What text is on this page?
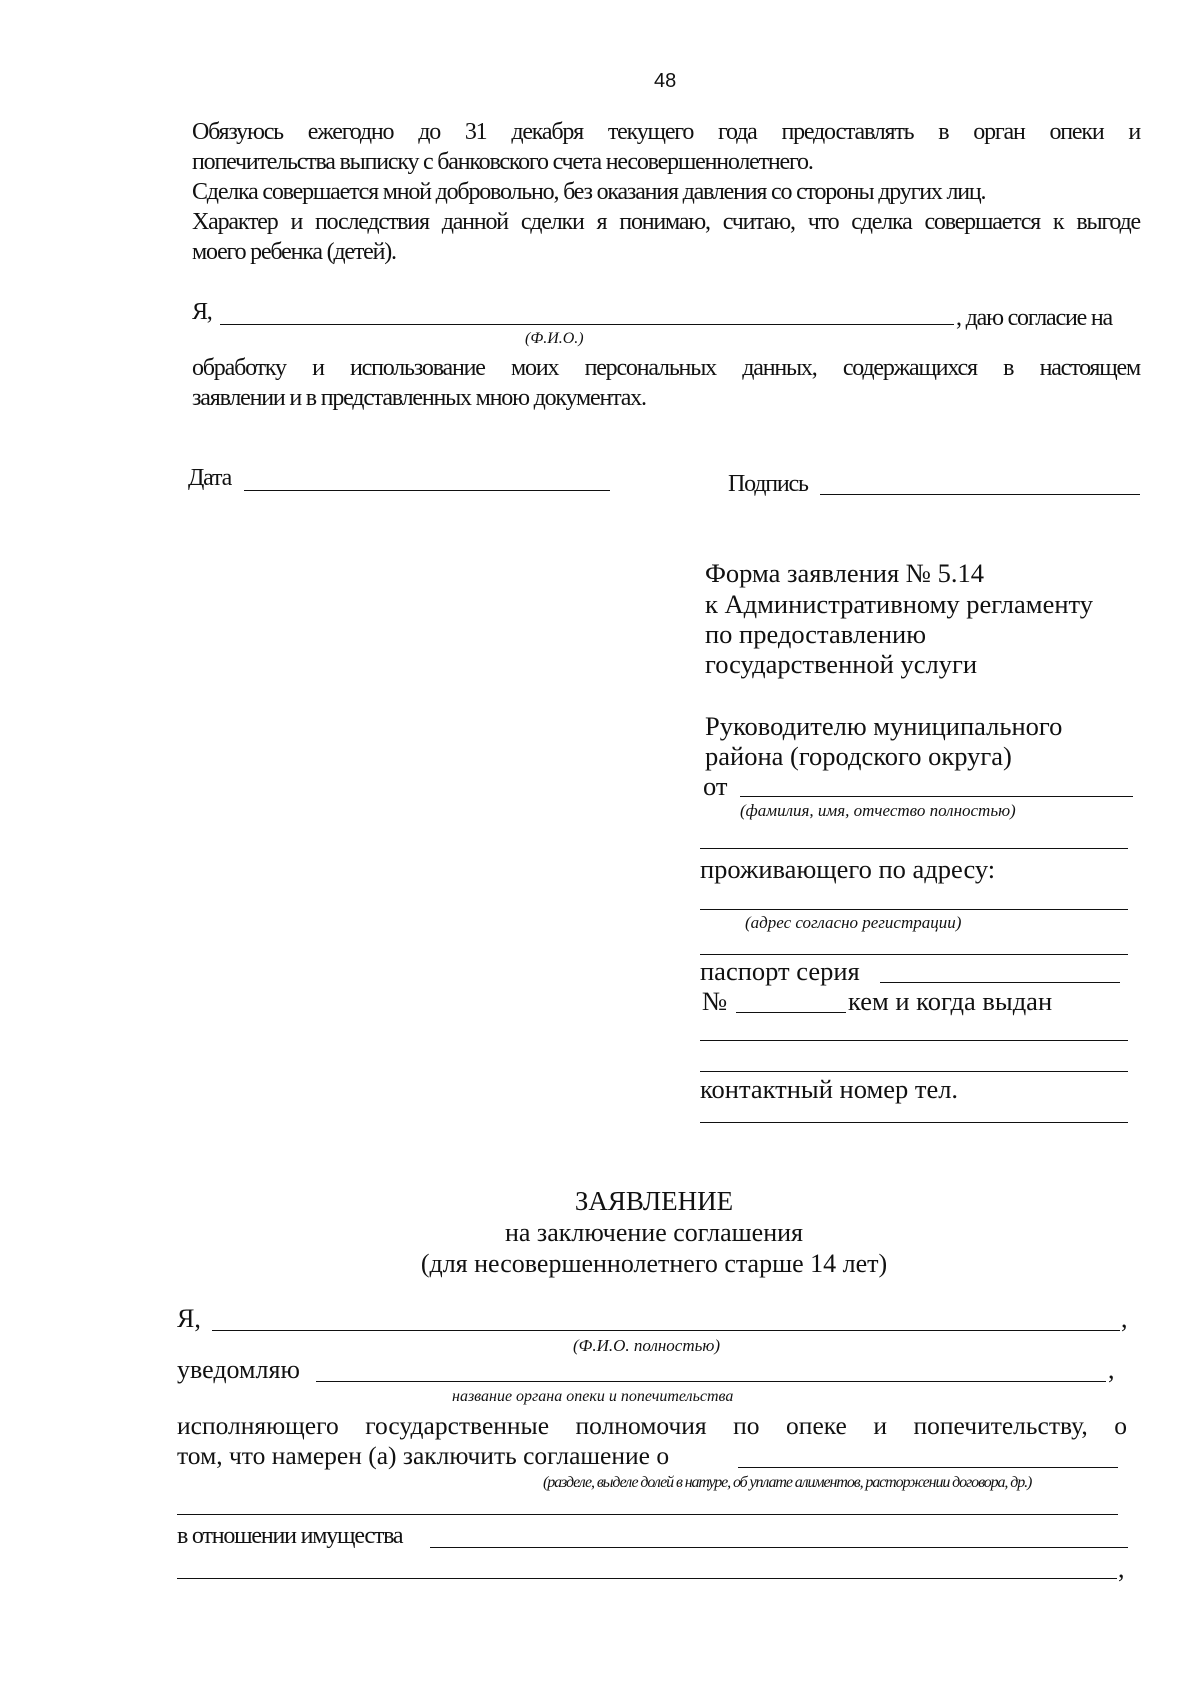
48
Обязуюсь ежегодно до 31 декабря текущего года предоставлять в орган опеки и
попечительства выписку с банковского счета несовершеннолетнего.
Сделка совершается мной добровольно, без оказания давления со стороны других лиц.
Характер и последствия данной сделки я понимаю, считаю, что сделка совершается к выгоде
моего ребенка (детей).
Я,	, даю согласие на
(Ф.И.О.)
обработку и использование моих персональных данных, содержащихся в настоящем
заявлении и в представленных мною документах.
Дата	Подпись
Форма заявления № 5.14
к Административному регламенту
по предоставлению
государственной услуги
Руководителю муниципального
района (городского округа)
от
(фамилия, имя, отчество полностью)
проживающего по адресу:
(адрес согласно регистрации)
паспорт серия
№	кем и когда выдан
контактный номер тел.
ЗАЯВЛЕНИЕ
на заключение соглашения
(для несовершеннолетнего старше 14 лет)
Я,	,
(Ф.И.О. полностью)
уведомляю	,
название органа опеки и попечительства
исполняющего государственные полномочия по опеке и попечительству, о
том, что намерен (а) заключить соглашение о
(разделе, выделе долей в натуре, об уплате алиментов, расторжении договора, др.)
в отношении имущества
,
